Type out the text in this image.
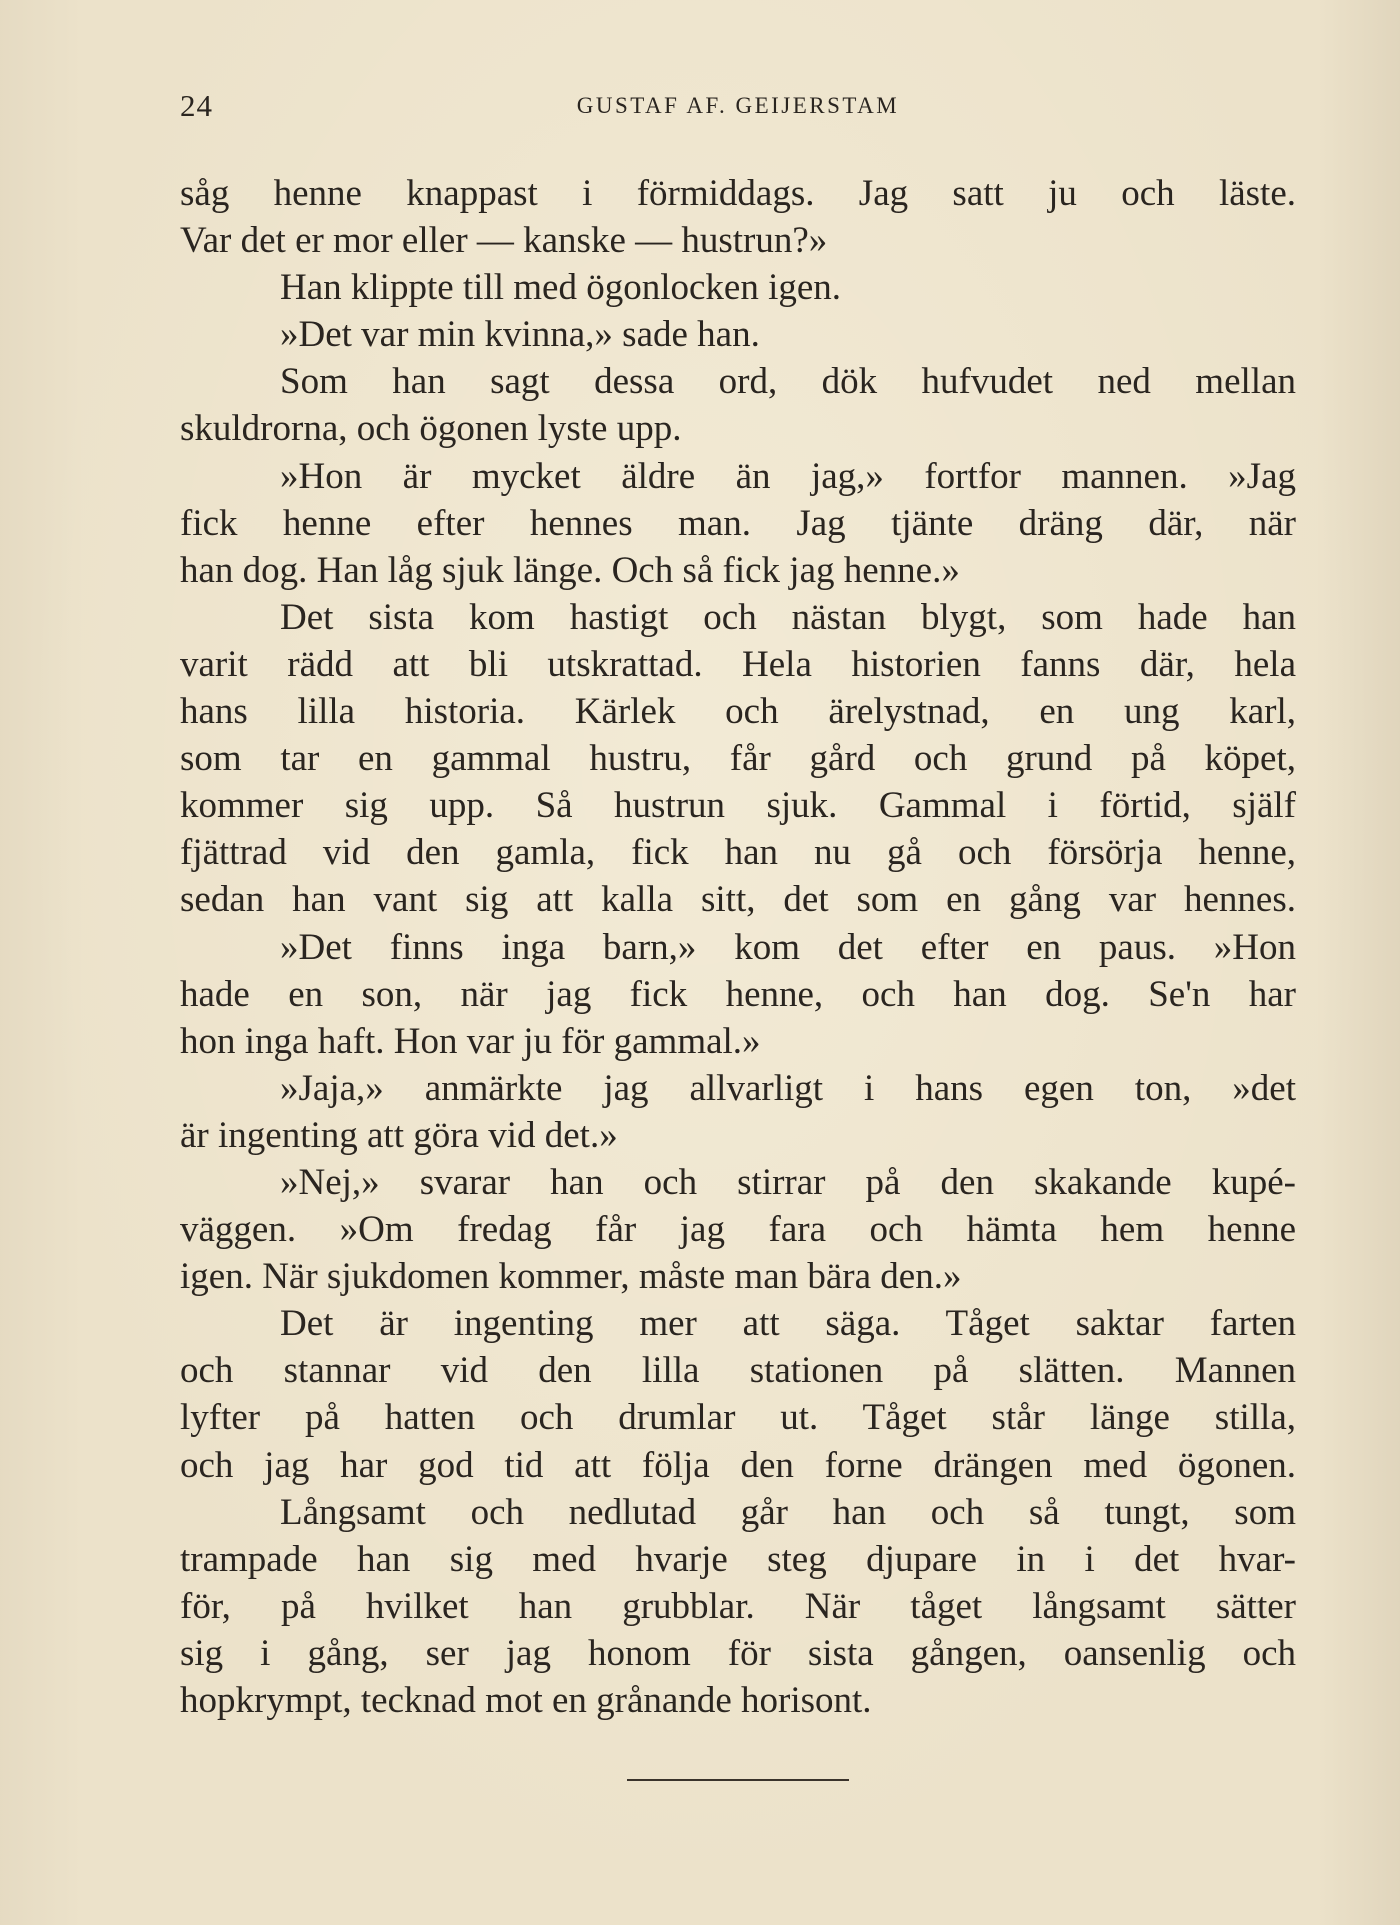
24	GUSTAF AF. GEIJERSTAM
såg henne knappast i förmiddags. Jag satt ju och läste.
Var det er mor eller — kanske — hustrun?»
Han klippte till med ögonlocken igen.
»Det var min kvinna,» sade han.
Som han sagt dessa ord, dök hufvudet ned mellan
skuldrorna, och ögonen lyste upp.
»Hon är mycket äldre än jag,» fortfor mannen. »Jag
fick henne efter hennes man. Jag tjänte dräng där, när
han dog. Han låg sjuk länge. Och så fick jag henne.»
Det sista kom hastigt och nästan blygt, som hade han
varit rädd att bli utskrattad. Hela historien fanns där, hela
hans lilla historia. Kärlek och ärelystnad, en ung karl,
som tar en gammal hustru, får gård och grund på köpet,
kommer sig upp. Så hustrun sjuk. Gammal i förtid, själf
fjättrad vid den gamla, fick han nu gå och försörja henne,
sedan han vant sig att kalla sitt, det som en gång var hennes.
»Det finns inga barn,» kom det efter en paus. »Hon
hade en son, när jag fick henne, och han dog. Se'n har
hon inga haft. Hon var ju för gammal.»
»Jaja,» anmärkte jag allvarligt i hans egen ton, »det
är ingenting att göra vid det.»
»Nej,» svarar han och stirrar på den skakande kupé-
väggen. »Om fredag får jag fara och hämta hem henne
igen. När sjukdomen kommer, måste man bära den.»
Det är ingenting mer att säga. Tåget saktar farten
och stannar vid den lilla stationen på slätten. Mannen
lyfter på hatten och drumlar ut. Tåget står länge stilla,
och jag har god tid att följa den forne drängen med ögonen.
Långsamt och nedlutad går han och så tungt, som
trampade han sig med hvarje steg djupare in i det hvar-
för, på hvilket han grubblar. När tåget långsamt sätter
sig i gång, ser jag honom för sista gången, oansenlig och
hopkrympt, tecknad mot en grånande horisont.
